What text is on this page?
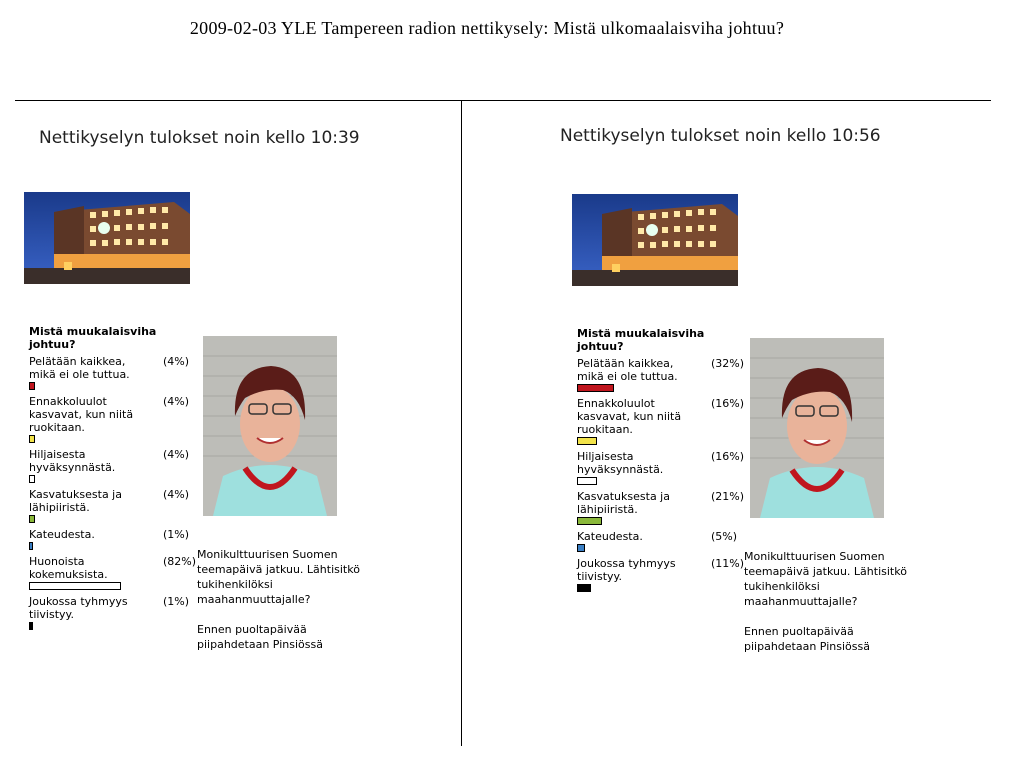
2009-02-03 YLE Tampereen radion nettikysely: Mistä ulkomaalaisviha johtuu?
Nettikyselyn tulokset noin kello 10:39
Mistä muukalaisviha johtuu?
Pelätään kaikkea, mikä ei ole tuttua.
(4%)
Ennakkoluulot kasvavat, kun niitä ruokitaan.
(4%)
Hiljaisesta hyväksynnästä.
(4%)
Kasvatuksesta ja lähipiiristä.
(4%)
Kateudesta.	(1%)
Huonoista kokemuksista.
(82%)
Joukossa tyhmyys tiivistyy.
(1%)

Monikulttuurisen Suomen teemapäivä jatkuu. Lähtisitkö tukihenkilöksi maahanmuuttajalle?

Ennen puoltapäivää piipahdetaan Pinsiössä

Nettikyselyn tulokset noin kello 10:56
Mistä muukalaisviha johtuu?
Pelätään kaikkea, mikä ei ole tuttua.
(32%)
Ennakkoluulot kasvavat, kun niitä ruokitaan.
(16%)
Hiljaisesta hyväksynnästä.
(16%)
Kasvatuksesta ja lähipiiristä.
(21%)
Kateudesta.	(5%)
Joukossa tyhmyys tiivistyy.
(11%)

Monikulttuurisen Suomen teemapäivä jatkuu. Lähtisitkö tukihenkilöksi maahanmuuttajalle?

Ennen puoltapäivää piipahdetaan Pinsiössä
